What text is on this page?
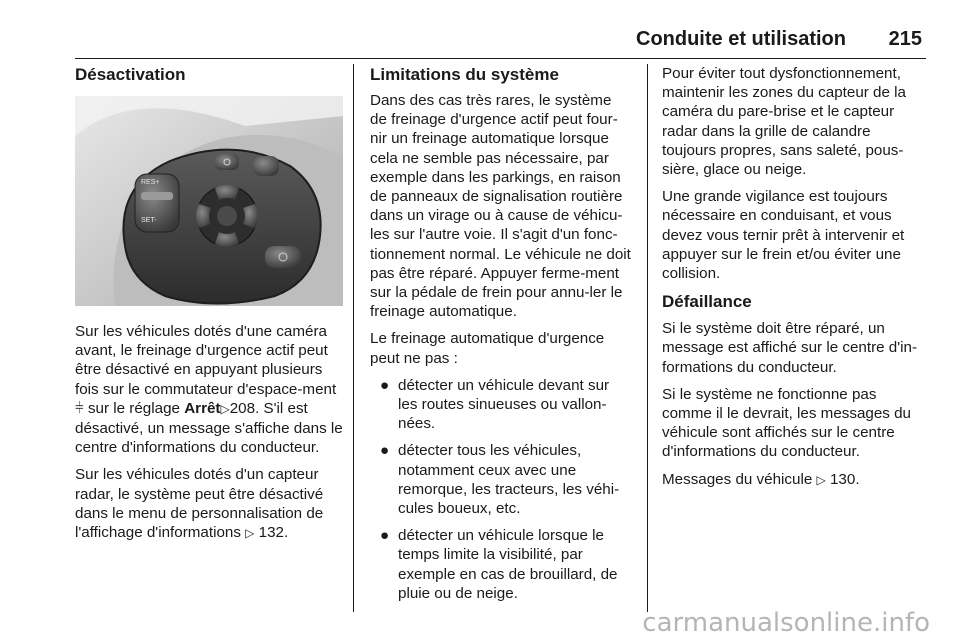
Conduite et utilisation 215
Désactivation
RES+
SET-

Sur les véhicules dotés d'une caméra avant, le freinage d'urgence actif peut être désactivé en appuyant plusieurs fois sur le commutateur d'espace-ment ⫩ sur le réglage Arrêt▷208. S'il est désactivé, un message s'affiche dans le centre d'informations du conducteur.

Sur les véhicules dotés d'un capteur radar, le système peut être désactivé dans le menu de personnalisation de l'affichage d'informations ▷ 132.

Limitations du système

Dans des cas très rares, le système de freinage d'urgence actif peut four-nir un freinage automatique lorsque cela ne semble pas nécessaire, par exemple dans les parkings, en raison de panneaux de signalisation routière dans un virage ou à cause de véhicu-les sur l'autre voie. Il s'agit d'un fonc-tionnement normal. Le véhicule ne doit pas être réparé. Appuyer ferme-ment sur la pédale de frein pour annu-ler le freinage automatique.

Le freinage automatique d'urgence peut ne pas :

● détecter un véhicule devant sur les routes sinueuses ou vallon-nées.
● détecter tous les véhicules, notamment ceux avec une remorque, les tracteurs, les véhi-cules boueux, etc.
● détecter un véhicule lorsque le temps limite la visibilité, par exemple en cas de brouillard, de pluie ou de neige.

Pour éviter tout dysfonctionnement, maintenir les zones du capteur de la caméra du pare-brise et le capteur radar dans la grille de calandre toujours propres, sans saleté, pous-sière, glace ou neige.

Une grande vigilance est toujours nécessaire en conduisant, et vous devez vous ternir prêt à intervenir et appuyer sur le frein et/ou éviter une collision.

Défaillance

Si le système doit être réparé, un message est affiché sur le centre d'in-formations du conducteur.

Si le système ne fonctionne pas comme il le devrait, les messages du véhicule sont affichés sur le centre d'informations du conducteur.

Messages du véhicule ▷ 130.

carmanualsonline.info
